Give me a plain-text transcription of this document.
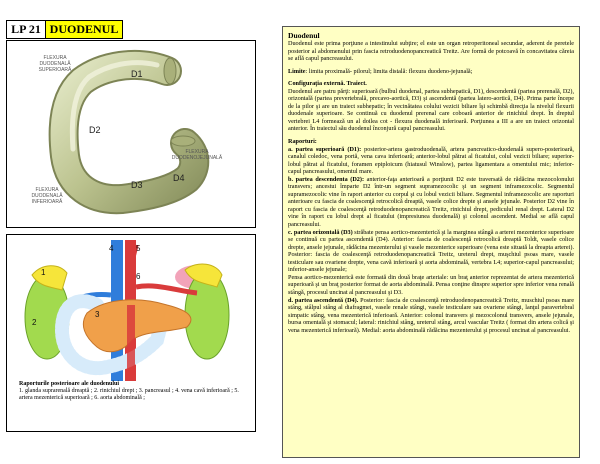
LP 21 DUODENUL
FLEXURA
DUODENALĂ
SUPERIOARĂ
FLEXURA
DUODENOJEJUNALĂ
FLEXURA
DUODENALĂ
INFERIOARĂ
D1
D2
D3
D4
1
2
3
4	5
6
Raporturile posterioare ale duodenului
1. glanda suprarenală dreaptă ; 2. rinichiul drept ; 3. pancreasul ; 4. vena cavă inferioară ; 5. artera mezenterică superioară ; 6. aorta abdominală ;

Duodenul

Duodenul este prima porţiune a intestinului subţire; el este un organ retroperitoneal secundar, aderent de peretele posterior al abdomenului prin fascia retroduodenopancreatică Treitz. Are formă de potcoavă în concavitatea căreia se află capul pancreasului.

Limite: limita proximală- pilorul; limita distală: flexura duodeno-jejunală;

Configuraţia externă. Traiect.

Duodenul are patru părţi: superioară (bulbul duodenal, partea subhepatică, D1), descendentă (partea prerenală, D2), orizontală (partea prevertebrală, precavo-aortică, D3) şi ascendentă (partea latero-aortică, D4). Prima parte începe de la pilor şi are un traiect subhepatic; în vecinătatea colului vezicii biliare îşi schimbă direcţia la nivelul flexurii duodenale superioare. Se continuă cu duodenul prerenal care coboară anterior de rinichiul drept. În dreptul vertebrei L4 formează un al doilea cot - flexura duodenală inferioară. Porţiunea a III a are un traiect orizontal anterior. În traiectul său duodenul înconjură capul pancreasului.

Raporturi:

a. partea superioară (D1): posterior-artera gastroduodenală, artera pancreatico-duodenală supero-posterioară, canalul coledoc, vena portă, vena cava inferioară; anterior-lobul pătrat al ficatului, colul vezicii biliare; superior-lobul pătrat al ficatului, foramen epiploicum (hiatusul Winslow), partea ligamentara a omentului mic; inferior-capul pancreasului, omentul mare.

b. partea descendenta (D2): anterior-faţa anterioară a porţiunii D2 este traversată de rădăcina mezocolonului transvers; ancestui împarte D2 într-un segment supramezocolic şi un segment inframezocolic. Segmentul supramezocolic vine în raport anterior cu corpul şi cu lobul vezicii biliare. Segmentul inframezocolic are raporturi anterioare cu fascia de coalescenţă retrocolică dreaptă, vasele colice drepte şi ansele jejunale. Posterior D2 vine în raport cu fascia de coalescenţă retroduodenopancreatică Treitz, rinichiul drept, pediculul renal drept. Lateral D2 vine în raport cu lobul drept al ficatului (impresiunea duodenală) şi colonul ascendent. Medial se află capul pancreasului.

c. partea orizontală (D3) străbate pensa aortico-mezenterică şi la marginea stângă a arterei mezenterice superioare se continuă cu partea ascendentă (D4). Anterior: fascia de coalescenţă retrocolică dreaptă Toldt, vasele colice drepte, ansele jejunale, rădăcina mezenterului şi vasele mezenterice superioare (vena este situată la dreapta arterei). Posterior: fascia de coalescenţă retroduodenopancreatică Treitz, ureterul drept, muşchiul psoas mare, vasele testiculare sau ovariene drepte, vena cavă inferioară şi aorta abdominală, vertebra L4; superior-capul pancreasului; inferior-ansele jejunale;

Pensa aortico-mezenterică este formată din două braţe arteriale: un braţ anterior reprezentat de artera mezenterică superioară şi un braţ posterior format de aorta abdominală. Pensa conţine dinspre superior spre inferior vena renală stângă, procesul uncinat al pancreasului şi D3.

d. partea ascendentă (D4). Posterior: fascia de coalescenţă retroduodenopancreatică Treitz, muschiul psoas mare stâng, stâlpul stâng al diafragmei, vasele renale stângi, vasele testiculare sau ovariene stângi, lanţul paravertebral simpatic stâng, vena mezenterică inferioară. Anterior: colonul transvers şi mezocolonul transvers, ansele jejunale, bursa omentală şi stomacul; lateral: rinichiul stâng, ureterul stâng, arcul vascular Treitz ( format din artera colică şi vena mezenterică inferioară). Medial: aorta abdominală rădăcina mezenterului şi procesul uncinat al pancreasului.
